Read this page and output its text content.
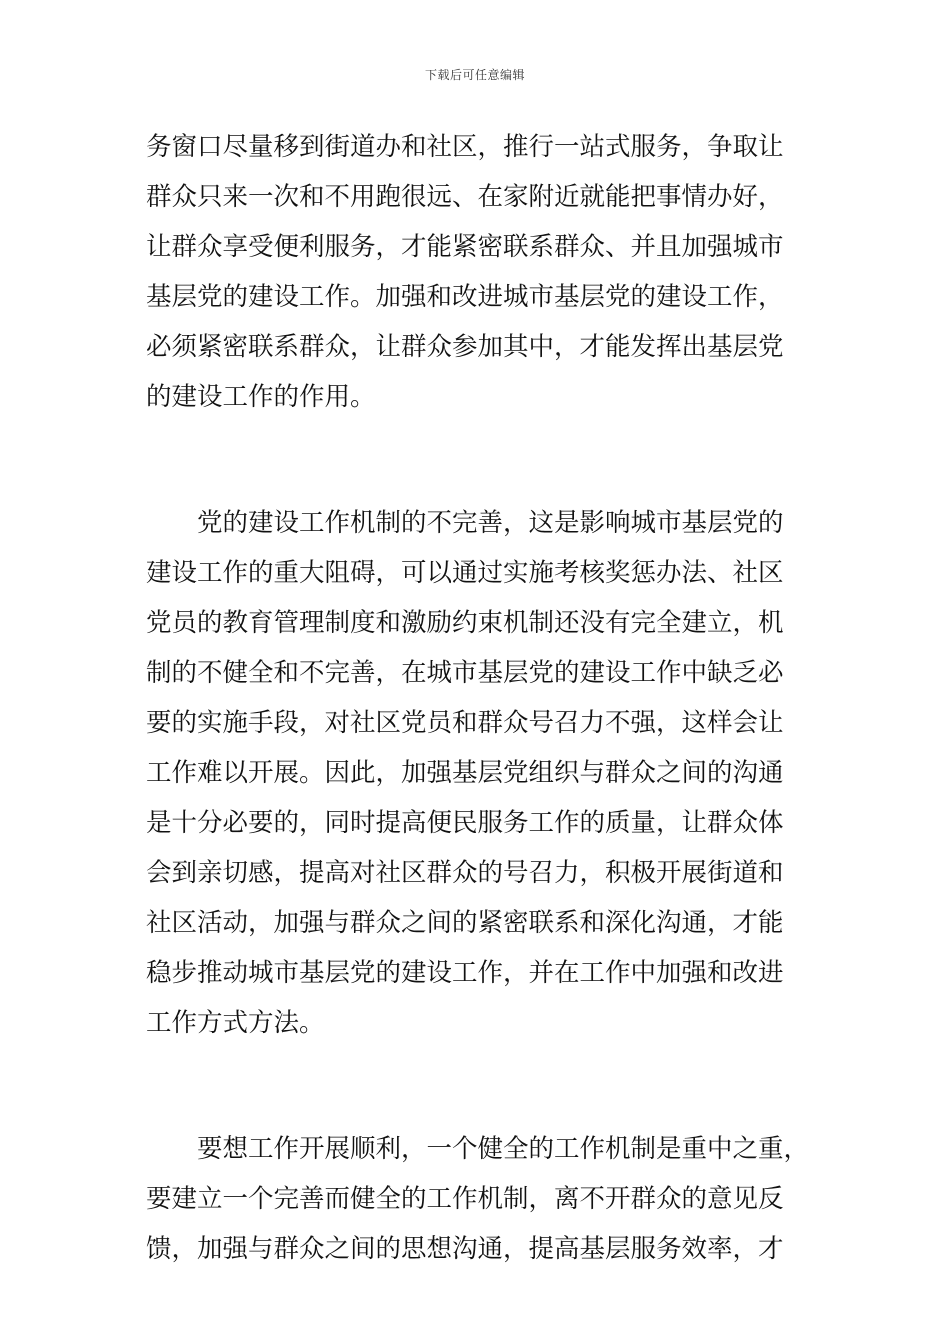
下载后可任意编辑
务窗口尽量移到街道办和社区，推行一站式服务，争取让
群众只来一次和不用跑很远、在家附近就能把事情办好，
让群众享受便利服务，才能紧密联系群众、并且加强城市
基层党的建设工作。加强和改进城市基层党的建设工作，
必须紧密联系群众，让群众参加其中，才能发挥出基层党
的建设工作的作用。
　　党的建设工作机制的不完善，这是影响城市基层党的
建设工作的重大阻碍，可以通过实施考核奖惩办法、社区
党员的教育管理制度和激励约束机制还没有完全建立，机
制的不健全和不完善，在城市基层党的建设工作中缺乏必
要的实施手段，对社区党员和群众号召力不强，这样会让
工作难以开展。因此，加强基层党组织与群众之间的沟通
是十分必要的，同时提高便民服务工作的质量，让群众体
会到亲切感，提高对社区群众的号召力，积极开展街道和
社区活动，加强与群众之间的紧密联系和深化沟通，才能
稳步推动城市基层党的建设工作，并在工作中加强和改进
工作方式方法。
　　要想工作开展顺利，一个健全的工作机制是重中之重，
要建立一个完善而健全的工作机制，离不开群众的意见反
馈，加强与群众之间的思想沟通，提高基层服务效率，才
